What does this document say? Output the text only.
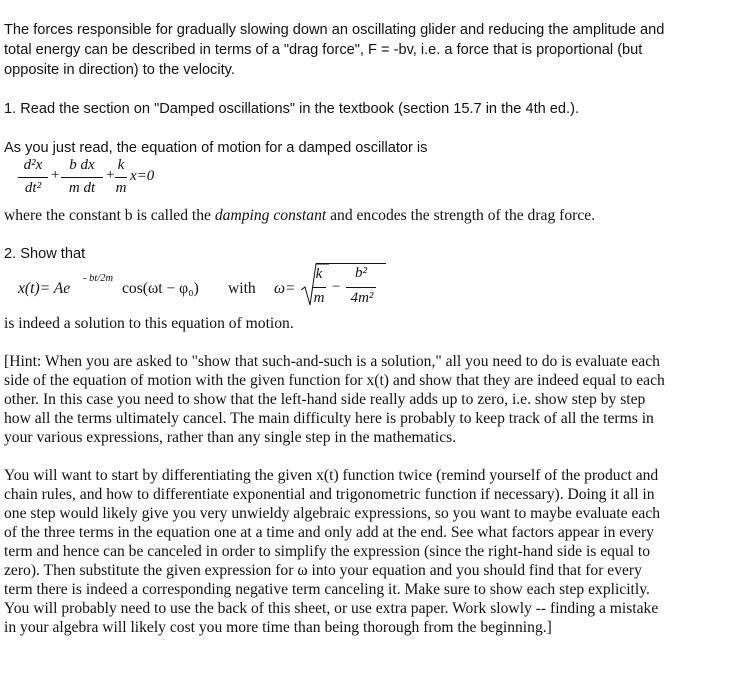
The forces responsible for gradually slowing down an oscillating glider and reducing the amplitude and
total energy can be described in terms of a "drag force", F = -bv, i.e. a force that is proportional (but
opposite in direction) to the velocity.
1. Read the section on "Damped oscillations" in the textbook (section 15.7 in the 4th ed.).
As you just read, the equation of motion for a damped oscillator is
d²x
dt²
+
b dx
m dt
+
k
m
x=0
where the constant b is called the damping constant and encodes the strength of the drag force.
2. Show that
x(t)= Ae
- bt/2m
cos(ωt − φ₀) with ω=
k
m
−
b²
4m²
is indeed a solution to this equation of motion.
[Hint: When you are asked to "show that such-and-such is a solution," all you need to do is evaluate each
side of the equation of motion with the given function for x(t) and show that they are indeed equal to each
other. In this case you need to show that the left-hand side really adds up to zero, i.e. show step by step
how all the terms ultimately cancel. The main difficulty here is probably to keep track of all the terms in
your various expressions, rather than any single step in the mathematics.
You will want to start by differentiating the given x(t) function twice (remind yourself of the product and
chain rules, and how to differentiate exponential and trigonometric function if necessary). Doing it all in
one step would likely give you very unwieldy algebraic expressions, so you want to maybe evaluate each
of the three terms in the equation one at a time and only add at the end. See what factors appear in every
term and hence can be canceled in order to simplify the expression (since the right-hand side is equal to
zero). Then substitute the given expression for ω into your equation and you should find that for every
term there is indeed a corresponding negative term canceling it. Make sure to show each step explicitly.
You will probably need to use the back of this sheet, or use extra paper. Work slowly -- finding a mistake
in your algebra will likely cost you more time than being thorough from the beginning.]
